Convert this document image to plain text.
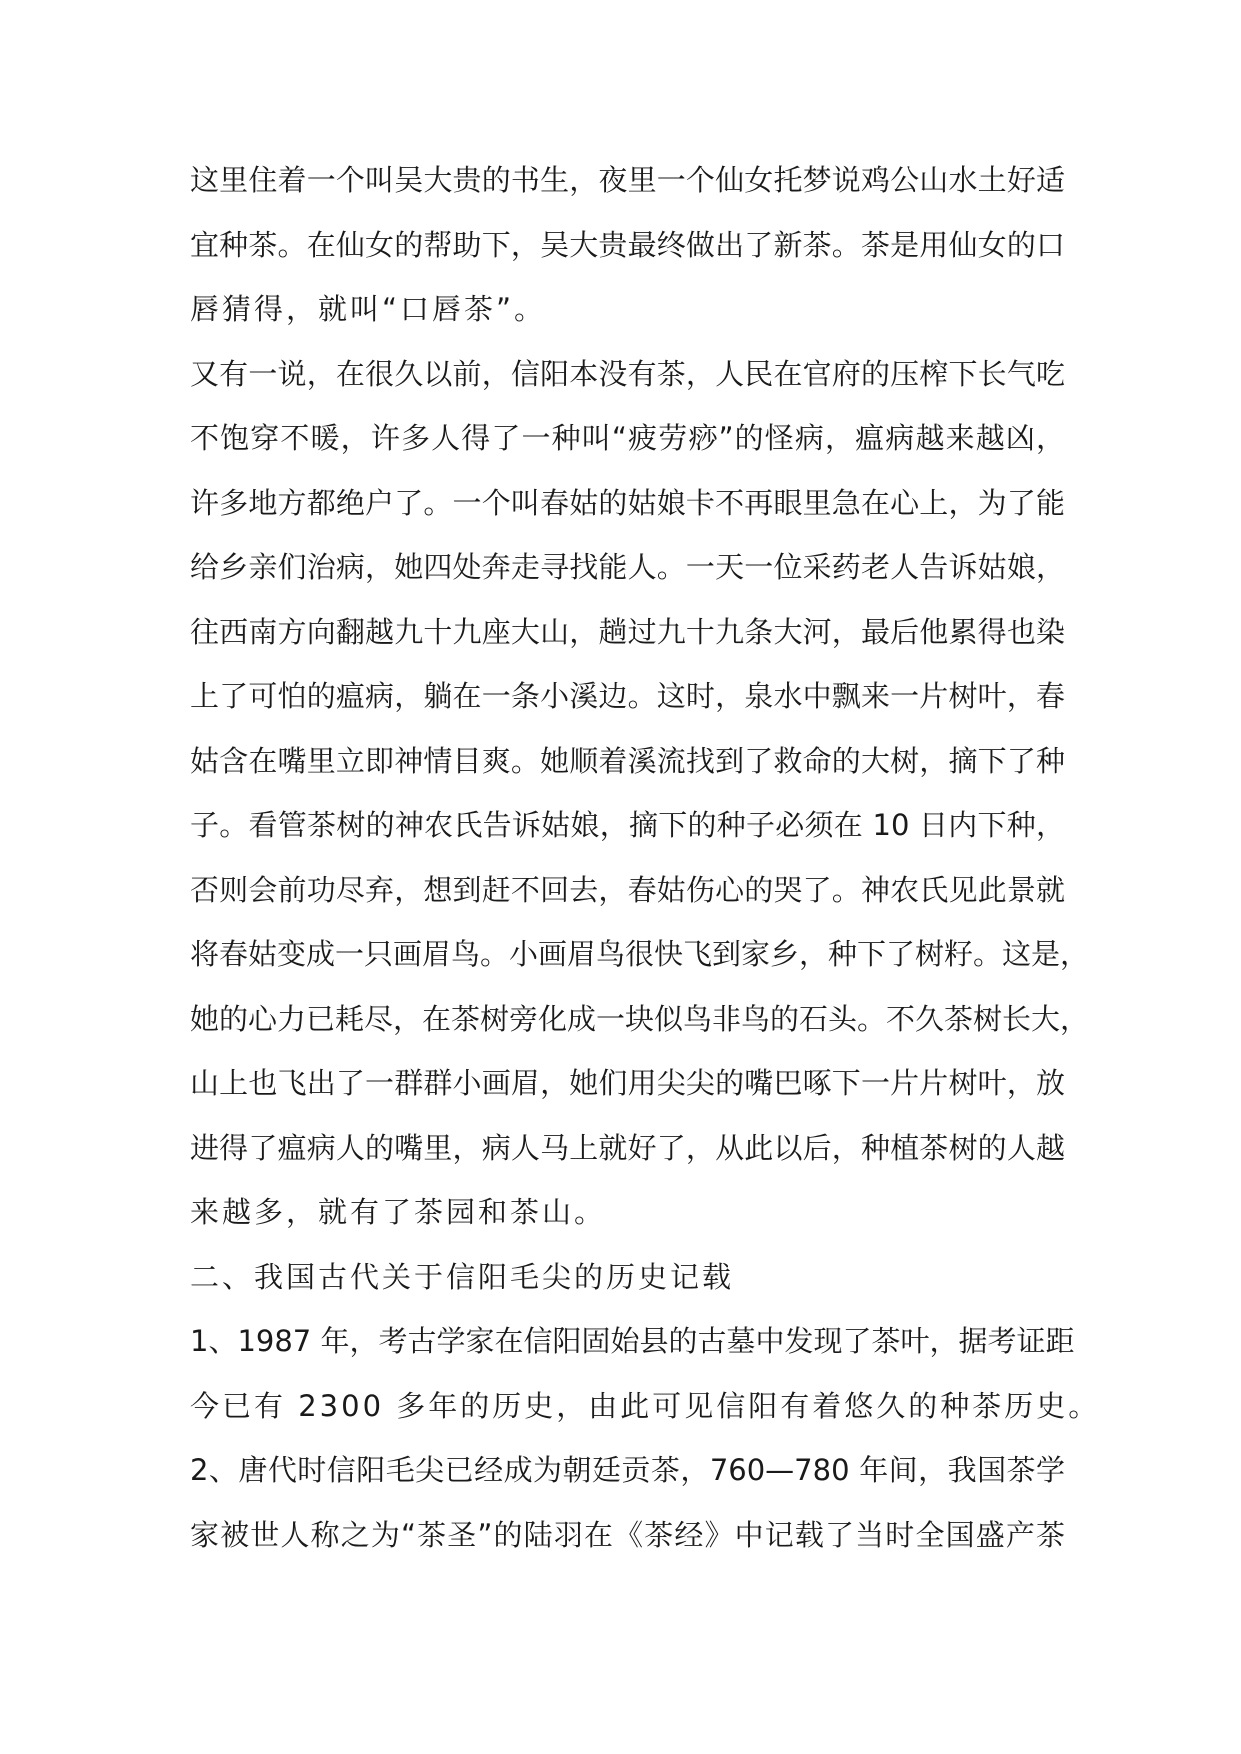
这里住着一个叫吴大贵的书生，夜里一个仙女托梦说鸡公山水土好适
宜种茶。在仙女的帮助下，吴大贵最终做出了新茶。茶是用仙女的口
唇猜得，就叫“口唇茶”。
又有一说，在很久以前，信阳本没有茶，人民在官府的压榨下长气吃
不饱穿不暖，许多人得了一种叫“疲劳痧”的怪病，瘟病越来越凶，
许多地方都绝户了。一个叫春姑的姑娘卡不再眼里急在心上，为了能
给乡亲们治病，她四处奔走寻找能人。一天一位采药老人告诉姑娘，
往西南方向翻越九十九座大山，趟过九十九条大河，最后他累得也染
上了可怕的瘟病，躺在一条小溪边。这时，泉水中飘来一片树叶，春
姑含在嘴里立即神情目爽。她顺着溪流找到了救命的大树，摘下了种
子。看管茶树的神农氏告诉姑娘，摘下的种子必须在 10 日内下种，
否则会前功尽弃，想到赶不回去，春姑伤心的哭了。神农氏见此景就
将春姑变成一只画眉鸟。小画眉鸟很快飞到家乡，种下了树籽。这是，
她的心力已耗尽，在茶树旁化成一块似鸟非鸟的石头。不久茶树长大，
山上也飞出了一群群小画眉，她们用尖尖的嘴巴啄下一片片树叶，放
进得了瘟病人的嘴里，病人马上就好了，从此以后，种植茶树的人越
来越多，就有了茶园和茶山。
二、我国古代关于信阳毛尖的历史记载
1、1987 年，考古学家在信阳固始县的古墓中发现了茶叶，据考证距
今已有 2300 多年的历史，由此可见信阳有着悠久的种茶历史。
2、唐代时信阳毛尖已经成为朝廷贡茶，760—780 年间，我国茶学
家被世人称之为“茶圣”的陆羽在《茶经》中记载了当时全国盛产茶
